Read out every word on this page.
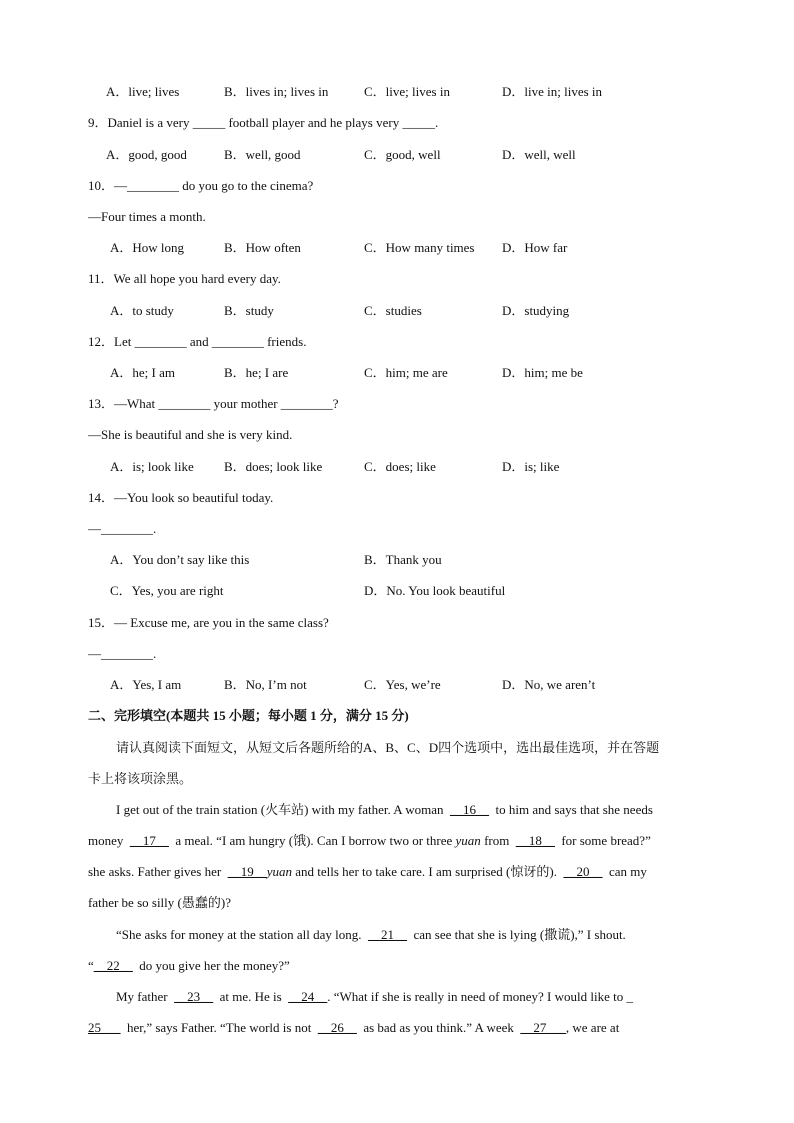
A．live; lives	B．lives in; lives in	C．live; lives in	D．live in; lives in
9．Daniel is a very _____ football player and he plays very _____.
A．good, good	B．well, good	C．good, well	D．well, well
10．—________ do you go to the cinema?
—Four times a month.
A．How long	B．How often	C．How many times D．How far
11．We all hope you hard every day.
A．to study	B．study	C．studies	D．studying
12．Let ________ and ________ friends.
A．he; I am	B．he; I are	C．him; me are	D．him; me be
13．—What ________ your mother ________?
—She is beautiful and she is very kind.
A．is; look like B．does; look like	C．does; like	D．is; like
14．—You look so beautiful today.
—________.
A．You don’t say like this	B．Thank you
C．Yes, you are right	D．No. You look beautiful
15．— Excuse me, are you in the same class?
—________.
A．Yes, I am	B．No, I’m not	C．Yes, we’re	D．No, we aren’t
二、完形填空(本题共 15 小题；每小题 1 分，满分 15 分)
请认真阅读下面短文，从短文后各题所给的A、B、C、D四个选项中，选出最佳选项，并在答题
卡上将该项涂黑。
I get out of the train station (火车站) with my father. A woman __16__ to him and says that she needs
money __17__ a meal. “I am hungry (饿). Can I borrow two or three yuan from __18__ for some bread?”
she asks. Father gives her __19__yuan and tells her to take care. I am surprised (惊讶的). __20__ can my
father be so silly (愚蠢的)?
“She asks for money at the station all day long. __21__ can see that she is lying (撒谎),” I shout.
“__22__ do you give her the money?”
My father __23__ at me. He is __24__. “What if she is really in need of money? I would like to _
25___ her,” says Father. “The world is not __26__ as bad as you think.” A week __27___, we are at
